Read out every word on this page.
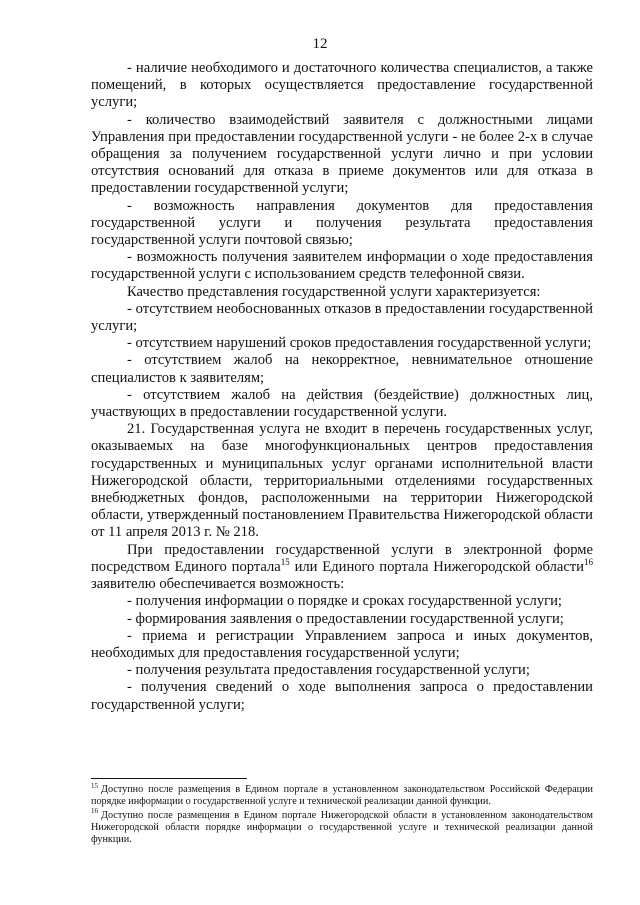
12

- наличие необходимого и достаточного количества специалистов, а также помещений, в которых осуществляется предоставление государственной услуги;

- количество взаимодействий заявителя с должностными лицами Управления при предоставлении государственной услуги - не более 2-х в случае обращения за получением государственной услуги лично и при условии отсутствия оснований для отказа в приеме документов или для отказа в предоставлении государственной услуги;

- возможность направления документов для предоставления государственной услуги и получения результата предоставления государственной услуги почтовой связью;

- возможность получения заявителем информации о ходе предоставления государственной услуги с использованием средств телефонной связи.

Качество представления государственной услуги характеризуется:

- отсутствием необоснованных отказов в предоставлении государственной услуги;

- отсутствием нарушений сроков предоставления государственной услуги;

- отсутствием жалоб на некорректное, невнимательное отношение специалистов к заявителям;

- отсутствием жалоб на действия (бездействие) должностных лиц, участвующих в предоставлении государственной услуги.

21. Государственная услуга не входит в перечень государственных услуг, оказываемых на базе многофункциональных центров предоставления государственных и муниципальных услуг органами исполнительной власти Нижегородской области, территориальными отделениями государственных внебюджетных фондов, расположенными на территории Нижегородской области, утвержденный постановлением Правительства Нижегородской области от 11 апреля 2013 г. № 218.

При предоставлении государственной услуги в электронной форме посредством Единого портала$^{15}$ или Единого портала Нижегородской области$^{16}$ заявителю обеспечивается возможность:

- получения информации о порядке и сроках государственной услуги;

- формирования заявления о предоставлении государственной услуги;

- приема и регистрации Управлением запроса и иных документов, необходимых для предоставления государственной услуги;

- получения результата предоставления государственной услуги;

- получения сведений о ходе выполнения запроса о предоставлении государственной услуги;

$^{15}$ Доступно после размещения в Едином портале в установленном законодательством Российской Федерации порядке информации о государственной услуге и технической реализации данной функции.

$^{16}$ Доступно после размещения в Едином портале Нижегородской области в установленном законодательством Нижегородской области порядке информации о государственной услуге и технической реализации данной функции.
